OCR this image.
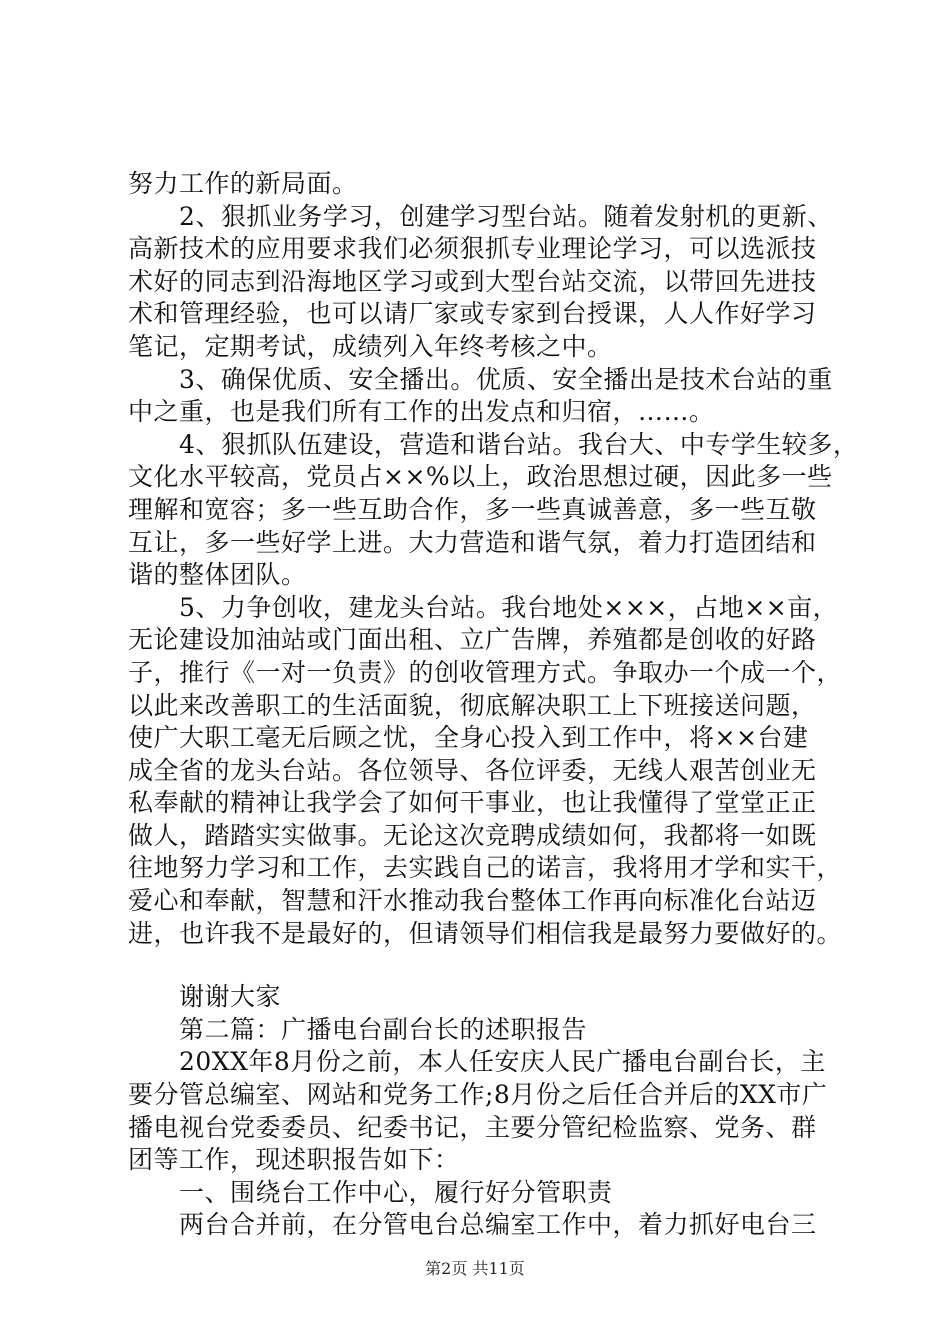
努力工作的新局面。
　　2、狠抓业务学习，创建学习型台站。随着发射机的更新、
高新技术的应用要求我们必须狠抓专业理论学习，可以选派技
术好的同志到沿海地区学习或到大型台站交流，以带回先进技
术和管理经验，也可以请厂家或专家到台授课，人人作好学习
笔记，定期考试，成绩列入年终考核之中。
　　3、确保优质、安全播出。优质、安全播出是技术台站的重
中之重，也是我们所有工作的出发点和归宿，……。
　　4、狠抓队伍建设，营造和谐台站。我台大、中专学生较多，
文化水平较高，党员占××%以上，政治思想过硬，因此多一些
理解和宽容；多一些互助合作，多一些真诚善意，多一些互敬
互让，多一些好学上进。大力营造和谐气氛，着力打造团结和
谐的整体团队。
　　5、力争创收，建龙头台站。我台地处×××，占地××亩，
无论建设加油站或门面出租、立广告牌，养殖都是创收的好路
子，推行《一对一负责》的创收管理方式。争取办一个成一个，
以此来改善职工的生活面貌，彻底解决职工上下班接送问题，
使广大职工毫无后顾之忧，全身心投入到工作中，将××台建
成全省的龙头台站。各位领导、各位评委，无线人艰苦创业无
私奉献的精神让我学会了如何干事业，也让我懂得了堂堂正正
做人，踏踏实实做事。无论这次竞聘成绩如何，我都将一如既
往地努力学习和工作，去实践自己的诺言，我将用才学和实干，
爱心和奉献，智慧和汗水推动我台整体工作再向标准化台站迈
进，也许我不是最好的，但请领导们相信我是最努力要做好的。
　　谢谢大家
　　第二篇：广播电台副台长的述职报告
　　20XX年8月份之前，本人任安庆人民广播电台副台长，主
要分管总编室、网站和党务工作;8月份之后任合并后的XX市广
播电视台党委委员、纪委书记，主要分管纪检监察、党务、群
团等工作，现述职报告如下：
　　一、围绕台工作中心，履行好分管职责
　　两台合并前，在分管电台总编室工作中，着力抓好电台三
第2页 共11页
